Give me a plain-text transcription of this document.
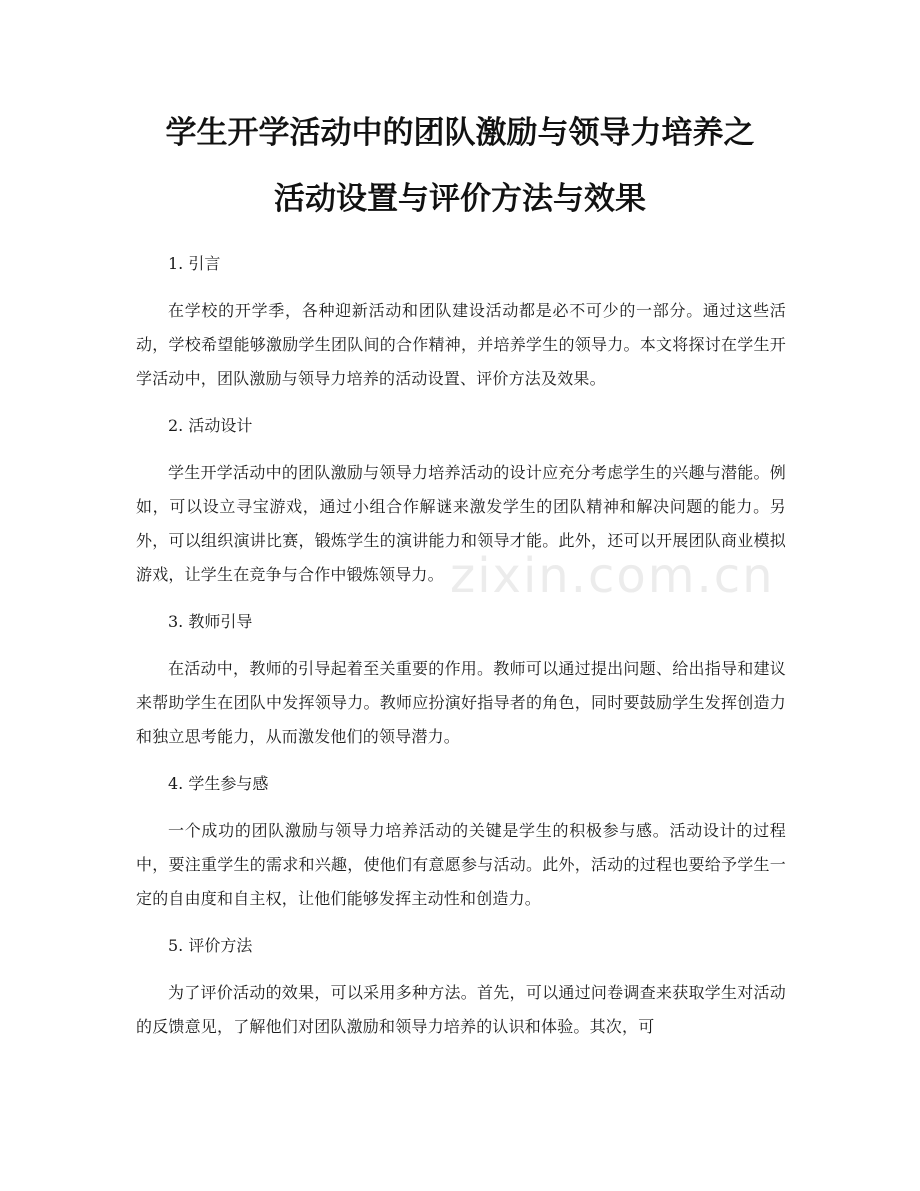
学生开学活动中的团队激励与领导力培养之
活动设置与评价方法与效果
zixin.com.cn

1. 引言

在学校的开学季，各种迎新活动和团队建设活动都是必不可少的一部分。通过这些活动，学校希望能够激励学生团队间的合作精神，并培养学生的领导力。本文将探讨在学生开学活动中，团队激励与领导力培养的活动设置、评价方法及效果。

2. 活动设计

学生开学活动中的团队激励与领导力培养活动的设计应充分考虑学生的兴趣与潜能。例如，可以设立寻宝游戏，通过小组合作解谜来激发学生的团队精神和解决问题的能力。另外，可以组织演讲比赛，锻炼学生的演讲能力和领导才能。此外，还可以开展团队商业模拟游戏，让学生在竞争与合作中锻炼领导力。

3. 教师引导

在活动中，教师的引导起着至关重要的作用。教师可以通过提出问题、给出指导和建议来帮助学生在团队中发挥领导力。教师应扮演好指导者的角色，同时要鼓励学生发挥创造力和独立思考能力，从而激发他们的领导潜力。

4. 学生参与感

一个成功的团队激励与领导力培养活动的关键是学生的积极参与感。活动设计的过程中，要注重学生的需求和兴趣，使他们有意愿参与活动。此外，活动的过程也要给予学生一定的自由度和自主权，让他们能够发挥主动性和创造力。

5. 评价方法

为了评价活动的效果，可以采用多种方法。首先，可以通过问卷调查来获取学生对活动的反馈意见，了解他们对团队激励和领导力培养的认识和体验。其次，可
